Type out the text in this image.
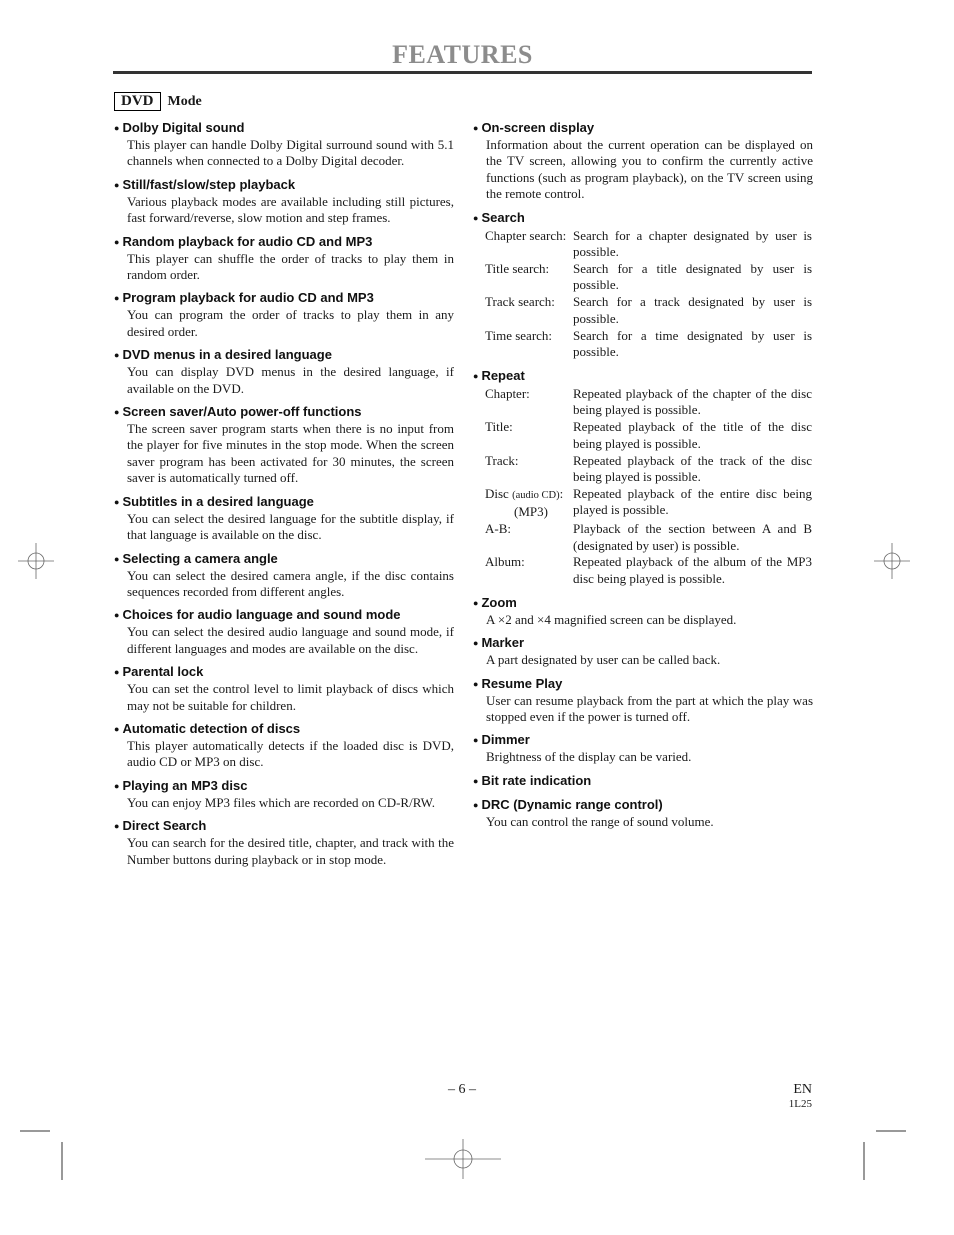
FEATURES
DVD	Mode
● Dolby Digital sound
This player can handle Dolby Digital surround sound with 5.1 channels when connected to a Dolby Digital decoder.
● Still/fast/slow/step playback
Various playback modes are available including still pictures, fast forward/reverse, slow motion and step frames.
● Random playback for audio CD and MP3
This player can shuffle the order of tracks to play them in random order.
● Program playback for audio CD and MP3
You can program the order of tracks to play them in any desired order.
● DVD menus in a desired language
You can display DVD menus in the desired language, if available on the DVD.
● Screen saver/Auto power-off functions
The screen saver program starts when there is no input from the player for five minutes in the stop mode. When the screen saver program has been activated for 30 minutes, the screen saver is automatically turned off.
● Subtitles in a desired language
You can select the desired language for the subtitle display, if that language is available on the disc.
● Selecting a camera angle
You can select the desired camera angle, if the disc contains sequences recorded from different angles.
● Choices for audio language and sound mode
You can select the desired audio language and sound mode, if different languages and modes are available on the disc.
● Parental lock
You can set the control level to limit playback of discs which may not be suitable for children.
● Automatic detection of discs
This player automatically detects if the loaded disc is DVD, audio CD or MP3 on disc.
● Playing an MP3 disc
You can enjoy MP3 files which are recorded on CD-R/RW.
● Direct Search
You can search for the desired title, chapter, and track with the Number buttons during playback or in stop mode.
● On-screen display
Information about the current operation can be displayed on the TV screen, allowing you to confirm the currently active functions (such as program playback), on the TV screen using the remote control.
● Search
Chapter search:	Search for a chapter designated by user is possible.
Title search:	Search for a title designated by user is possible.
Track search:	Search for a track designated by user is possible.
Time search:	Search for a time designated by user is possible.
● Repeat
Chapter:	Repeated playback of the chapter of the disc being played is possible.
Title:	Repeated playback of the title of the disc being played is possible.
Track:	Repeated playback of the track of the disc being played is possible.
Disc (audio CD):
(MP3)	Repeated playback of the entire disc being played is possible.
A-B:	Playback of the section between A and B (designated by user) is possible.
Album:	Repeated playback of the album of the MP3 disc being played is possible.
● Zoom
A ×2 and ×4 magnified screen can be displayed.
● Marker
A part designated by user can be called back.
● Resume Play
User can resume playback from the part at which the play was stopped even if the power is turned off.
● Dimmer
Brightness of the display can be varied.
● Bit rate indication
● DRC (Dynamic range control)
You can control the range of sound volume.
– 6 –	EN
1L25
